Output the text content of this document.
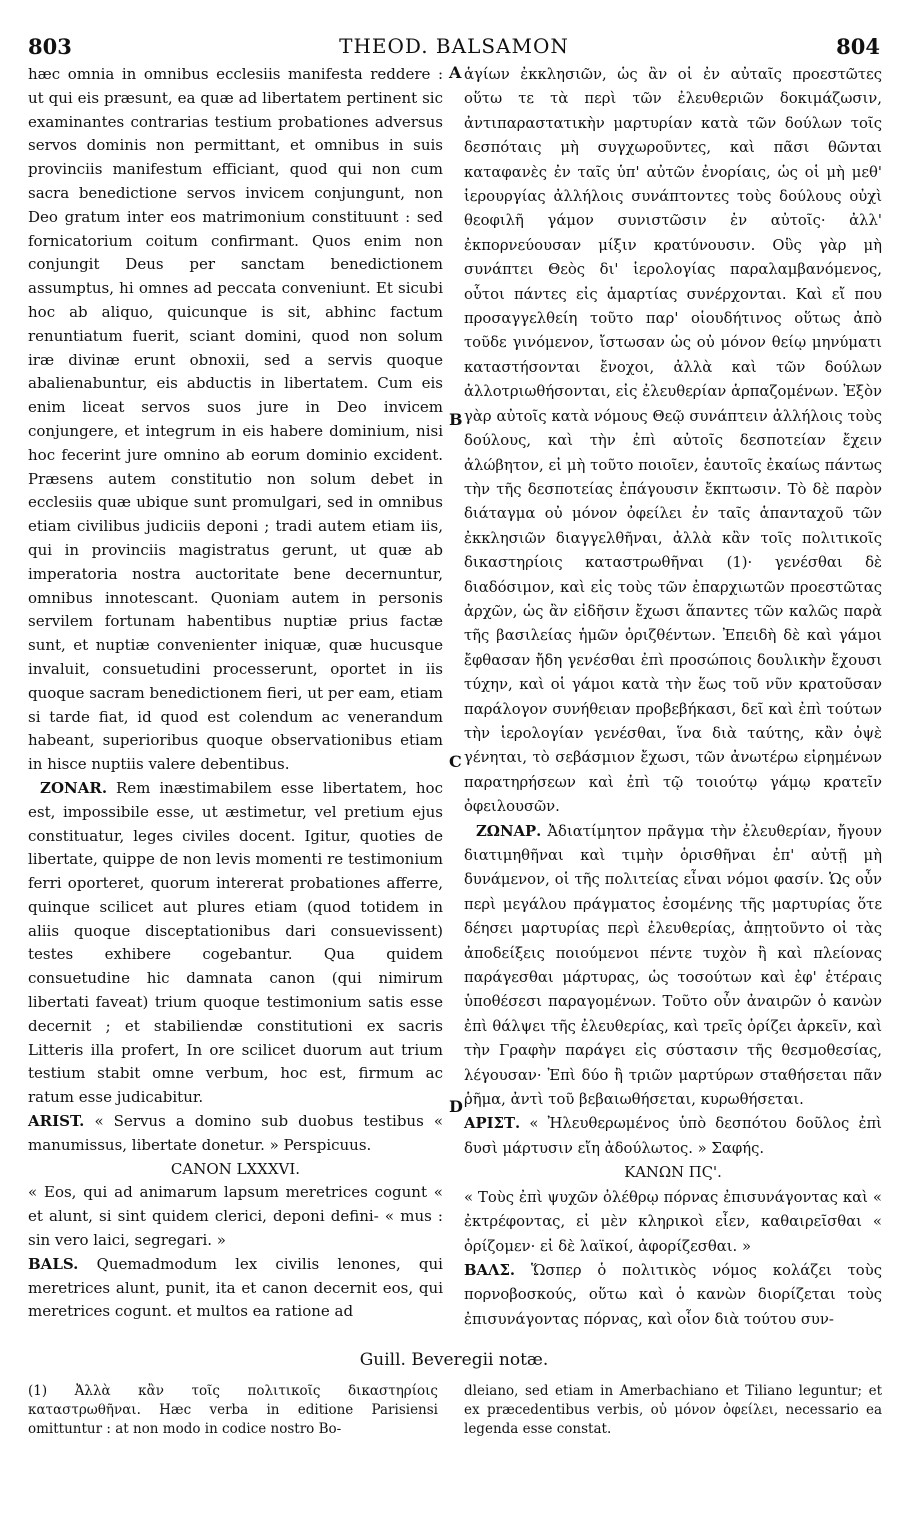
803	THEOD. BALSAMON	804

hæc omnia in omnibus ecclesiis manifesta reddere : ut qui eis præsunt, ea quæ ad libertatem pertinent sic examinantes contrarias testium probationes adversus servos dominis non permittant, et omnibus in suis provinciis manifestum efficiant, quod qui non cum sacra benedictione servos invicem conjungunt, non Deo gratum inter eos matrimonium constituunt : sed fornicatorium coitum confirmant. Quos enim non conjungit Deus per sanctam benedictionem assumptus, hi omnes ad peccata conveniunt. Et sicubi hoc ab aliquo, quicunque is sit, abhinc factum renuntiatum fuerit, sciant domini, quod non solum iræ divinæ erunt obnoxii, sed a servis quoque abalienabuntur, eis abductis in libertatem. Cum eis enim liceat servos suos jure in Deo invicem conjungere, et integrum in eis habere dominium, nisi hoc fecerint jure omnino ab eorum dominio excident. Præsens autem constitutio non solum debet in ecclesiis quæ ubique sunt promulgari, sed in omnibus etiam civilibus judiciis deponi ; tradi autem etiam iis, qui in provinciis magistratus gerunt, ut quæ ab imperatoria nostra auctoritate bene decernuntur, omnibus innotescant. Quoniam autem in personis servilem fortunam habentibus nuptiæ prius factæ sunt, et nuptiæ convenienter iniquæ, quæ hucusque invaluit, consuetudini processerunt, oportet in iis quoque sacram benedictionem fieri, ut per eam, etiam si tarde fiat, id quod est colendum ac venerandum habeant, superioribus quoque observationibus etiam in hisce nuptiis valere debentibus.

ZONAR. Rem inæstimabilem esse libertatem, hoc est, impossibile esse, ut æstimetur, vel pretium ejus constituatur, leges civiles docent. Igitur, quoties de libertate, quippe de non levis momenti re testimonium ferri oporteret, quorum intererat probationes afferre, quinque scilicet aut plures etiam (quod totidem in aliis quoque disceptationibus dari consuevissent) testes exhibere cogebantur. Qua quidem consuetudine hic damnata canon (qui nimirum libertati faveat) trium quoque testimonium satis esse decernit ; et stabiliendæ constitutioni ex sacris Litteris illa profert, In ore scilicet duorum aut trium testium stabit omne verbum, hoc est, firmum ac ratum esse judicabitur.

ARIST. « Servus a domino sub duobus testibus « manumissus, libertate donetur. » Perspicuus.

CANON LXXXVI.

« Eos, qui ad animarum lapsum meretrices cogunt « et alunt, si sint quidem clerici, deponi defini- « mus : sin vero laici, segregari. »

BALS. Quemadmodum lex civilis lenones, qui meretrices alunt, punit, ita et canon decernit eos, qui meretrices cogunt. et multos ea ratione ad

A
B
C
D

ἁγίων ἐκκλησιῶν, ὡς ἂν οἱ ἐν αὐταῖς προεστῶτες οὕτω τε τὰ περὶ τῶν ἐλευθεριῶν δοκιμάζωσιν, ἀντιπαραστατικὴν μαρτυρίαν κατὰ τῶν δούλων τοῖς δεσπόταις μὴ συγχωροῦντες, καὶ πᾶσι θῶνται καταφανὲς ἐν ταῖς ὑπ' αὐτῶν ἐνορίαις, ὡς οἱ μὴ μεθ' ἱερουργίας ἀλλήλοις συνάπτοντες τοὺς δούλους οὐχὶ θεοφιλῆ γάμον συνιστῶσιν ἐν αὐτοῖς· ἀλλ' ἐκπορνεύουσαν μίξιν κρατύνουσιν. Οὓς γὰρ μὴ συνάπτει Θεὸς δι' ἱερολογίας παραλαμβανόμενος, οὗτοι πάντες εἰς ἁμαρτίας συνέρχονται. Καὶ εἴ που προσαγγελθείη τοῦτο παρ' οἱουδήτινος οὕτως ἀπὸ τοῦδε γινόμενον, ἴστωσαν ὡς οὐ μόνον θείῳ μηνύματι καταστήσονται ἔνοχοι, ἀλλὰ καὶ τῶν δούλων ἀλλοτριωθήσονται, εἰς ἐλευθερίαν ἁρπαζομένων. Ἐξὸν γὰρ αὐτοῖς κατὰ νόμους Θεῷ συνάπτειν ἀλλήλοις τοὺς δούλους, καὶ τὴν ἐπὶ αὐτοῖς δεσποτείαν ἔχειν ἀλώβητον, εἰ μὴ τοῦτο ποιοῖεν, ἑαυτοῖς ἐκαίως πάντως τὴν τῆς δεσποτείας ἐπάγουσιν ἔκπτωσιν. Τὸ δὲ παρὸν διάταγμα οὐ μόνον ὀφείλει ἐν ταῖς ἁπανταχοῦ τῶν ἐκκλησιῶν διαγγελθῆναι, ἀλλὰ κἂν τοῖς πολιτικοῖς δικαστηρίοις καταστρωθῆναι (1)· γενέσθαι δὲ διαδόσιμον, καὶ εἰς τοὺς τῶν ἐπαρχιωτῶν προεστῶτας ἀρχῶν, ὡς ἂν εἰδῆσιν ἔχωσι ἅπαντες τῶν καλῶς παρὰ τῆς βασιλείας ἡμῶν ὁριζθέντων. Ἐπειδὴ δὲ καὶ γάμοι ἔφθασαν ἤδη γενέσθαι ἐπὶ προσώποις δουλικὴν ἔχουσι τύχην, καὶ οἱ γάμοι κατὰ τὴν ἕως τοῦ νῦν κρατοῦσαν παράλογον συνήθειαν προβεβήκασι, δεῖ καὶ ἐπὶ τούτων τὴν ἱερολογίαν γενέσθαι, ἵνα διὰ ταύτης, κἂν ὀψὲ γένηται, τὸ σεβάσμιον ἔχωσι, τῶν ἀνωτέρω εἰρημένων παρατηρήσεων καὶ ἐπὶ τῷ τοιούτῳ γάμῳ κρατεῖν ὀφειλουσῶν.

ΖΩΝΑΡ. Ἀδιατίμητον πρᾶγμα τὴν ἐλευθερίαν, ἤγουν διατιμηθῆναι καὶ τιμὴν ὁρισθῆναι ἐπ' αὐτῇ μὴ δυνάμενον, οἱ τῆς πολιτείας εἶναι νόμοι φασίν. Ὡς οὖν περὶ μεγάλου πράγματος ἐσομένης τῆς μαρτυρίας ὅτε δέησει μαρτυρίας περὶ ἐλευθερίας, ἀπῃτοῦντο οἱ τὰς ἀποδείξεις ποιούμενοι πέντε τυχὸν ἢ καὶ πλείονας παράγεσθαι μάρτυρας, ὡς τοσούτων καὶ ἐφ' ἑτέραις ὑποθέσεσι παραγομένων. Τοῦτο οὖν ἀναιρῶν ὁ κανὼν ἐπὶ θάλψει τῆς ἐλευθερίας, καὶ τρεῖς ὁρίζει ἀρκεῖν, καὶ τὴν Γραφὴν παράγει εἰς σύστασιν τῆς θεσμοθεσίας, λέγουσαν· Ἐπὶ δύο ἢ τριῶν μαρτύρων σταθήσεται πᾶν ῥῆμα, ἀντὶ τοῦ βεβαιωθήσεται, κυρωθήσεται.

ΑΡΙΣΤ. « Ἠλευθερωμένος ὑπὸ δεσπότου δοῦλος ἐπὶ δυσὶ μάρτυσιν εἴη ἀδούλωτος. » Σαφής.

ΚΑΝΩΝ ΠϚ'.

« Τοὺς ἐπὶ ψυχῶν ὀλέθρῳ πόρνας ἐπισυνάγοντας καὶ « ἐκτρέφοντας, εἰ μὲν κληρικοὶ εἶεν, καθαιρεῖσθαι « ὁρίζομεν· εἰ δὲ λαϊκοί, ἀφορίζεσθαι. »

ΒΑΛΣ. Ὥσπερ ὁ πολιτικὸς νόμος κολάζει τοὺς πορνοβοσκούς, οὕτω καὶ ὁ κανὼν διορίζεται τοὺς ἐπισυνάγοντας πόρνας, καὶ οἷον διὰ τούτου συν-

Guill. Beveregii notæ.
(1) Ἀλλὰ κἂν τοῖς πολιτικοῖς δικαστηρίοις καταστρωθῆναι. Hæc verba in editione Parisiensi omittuntur : at non modo in codice nostro Bo-
dleiano, sed etiam in Amerbachiano et Tiliano leguntur; et ex præcedentibus verbis, οὐ μόνον ὀφείλει, necessario ea legenda esse constat.
